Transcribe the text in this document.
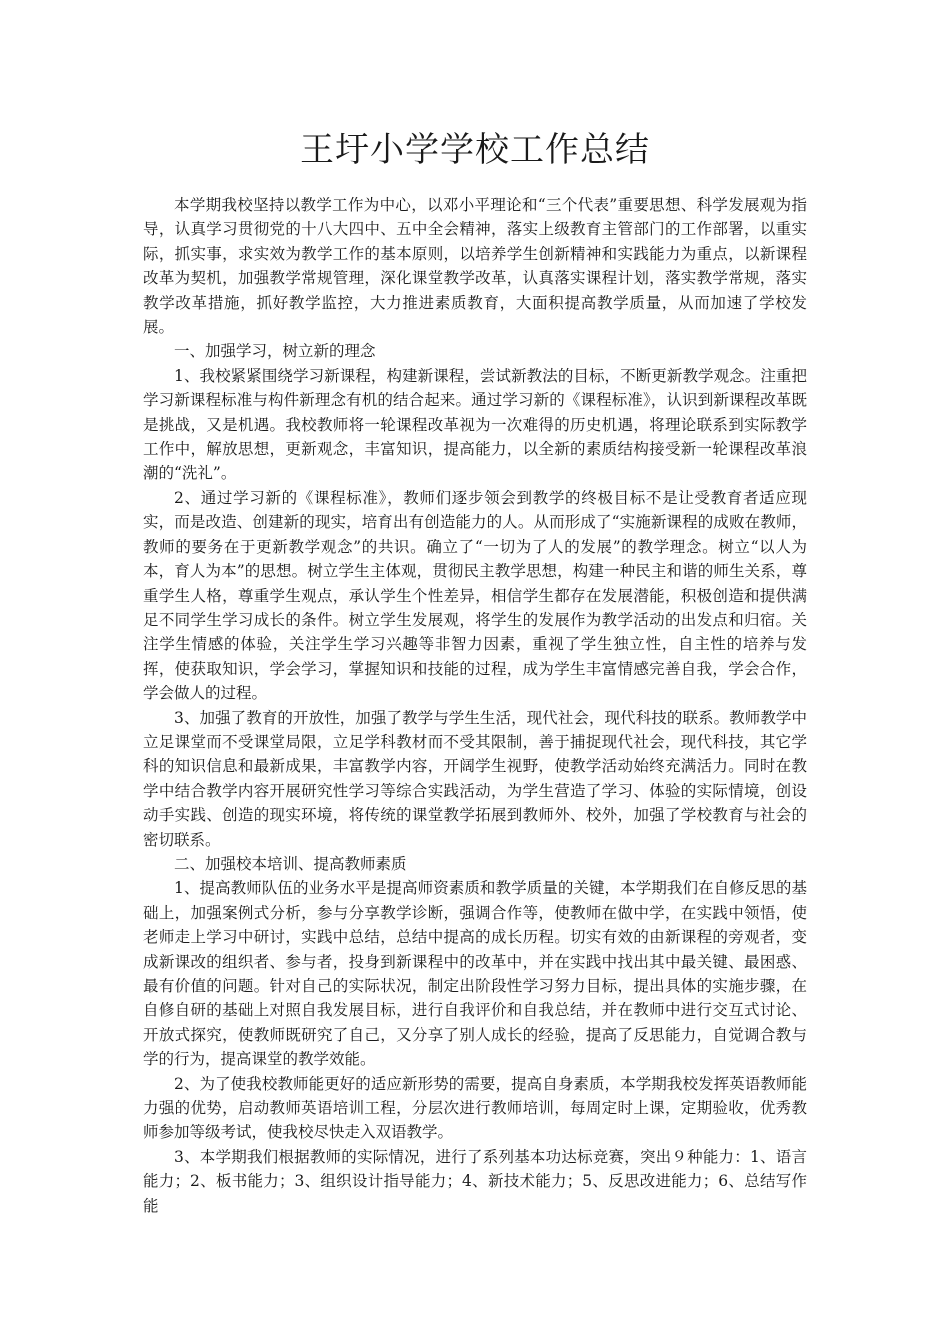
王圩小学学校工作总结

本学期我校坚持以教学工作为中心，以邓小平理论和“三个代表”重要思想、科学发展观为指导，认真学习贯彻党的十八大四中、五中全会精神，落实上级教育主管部门的工作部署，以重实际，抓实事，求实效为教学工作的基本原则，以培养学生创新精神和实践能力为重点，以新课程改革为契机，加强教学常规管理，深化课堂教学改革，认真落实课程计划，落实教学常规，落实教学改革措施，抓好教学监控，大力推进素质教育，大面积提高教学质量，从而加速了学校发展。

一、加强学习，树立新的理念

1、我校紧紧围绕学习新课程，构建新课程，尝试新教法的目标，不断更新教学观念。注重把学习新课程标准与构件新理念有机的结合起来。通过学习新的《课程标准》，认识到新课程改革既是挑战，又是机遇。我校教师将一轮课程改革视为一次难得的历史机遇，将理论联系到实际教学工作中，解放思想，更新观念，丰富知识，提高能力，以全新的素质结构接受新一轮课程改革浪潮的“洗礼”。

2、通过学习新的《课程标准》，教师们逐步领会到教学的终极目标不是让受教育者适应现实，而是改造、创建新的现实，培育出有创造能力的人。从而形成了“实施新课程的成败在教师，教师的要务在于更新教学观念”的共识。确立了“一切为了人的发展”的教学理念。树立“以人为本，育人为本”的思想。树立学生主体观，贯彻民主教学思想，构建一种民主和谐的师生关系，尊重学生人格，尊重学生观点，承认学生个性差异，相信学生都存在发展潜能，积极创造和提供满足不同学生学习成长的条件。树立学生发展观，将学生的发展作为教学活动的出发点和归宿。关注学生情感的体验，关注学生学习兴趣等非智力因素，重视了学生独立性，自主性的培养与发挥，使获取知识，学会学习，掌握知识和技能的过程，成为学生丰富情感完善自我，学会合作，学会做人的过程。

3、加强了教育的开放性，加强了教学与学生生活，现代社会，现代科技的联系。教师教学中立足课堂而不受课堂局限，立足学科教材而不受其限制，善于捕捉现代社会，现代科技，其它学科的知识信息和最新成果，丰富教学内容，开阔学生视野，使教学活动始终充满活力。同时在教学中结合教学内容开展研究性学习等综合实践活动，为学生营造了学习、体验的实际情境，创设动手实践、创造的现实环境，将传统的课堂教学拓展到教师外、校外，加强了学校教育与社会的密切联系。

二、加强校本培训、提高教师素质

1、提高教师队伍的业务水平是提高师资素质和教学质量的关键，本学期我们在自修反思的基础上，加强案例式分析，参与分享教学诊断，强调合作等，使教师在做中学，在实践中领悟，使老师走上学习中研讨，实践中总结，总结中提高的成长历程。切实有效的由新课程的旁观者，变成新课改的组织者、参与者，投身到新课程中的改革中，并在实践中找出其中最关键、最困惑、最有价值的问题。针对自己的实际状况，制定出阶段性学习努力目标，提出具体的实施步骤，在自修自研的基础上对照自我发展目标，进行自我评价和自我总结，并在教师中进行交互式讨论、开放式探究，使教师既研究了自己，又分享了别人成长的经验，提高了反思能力，自觉调合教与学的行为，提高课堂的教学效能。

2、为了使我校教师能更好的适应新形势的需要，提高自身素质，本学期我校发挥英语教师能力强的优势，启动教师英语培训工程，分层次进行教师培训，每周定时上课，定期验收，优秀教师参加等级考试，使我校尽快走入双语教学。

3、本学期我们根据教师的实际情况，进行了系列基本功达标竞赛，突出９种能力：1、语言能力；2、板书能力；3、组织设计指导能力；4、新技术能力；5、反思改进能力；6、总结写作能
